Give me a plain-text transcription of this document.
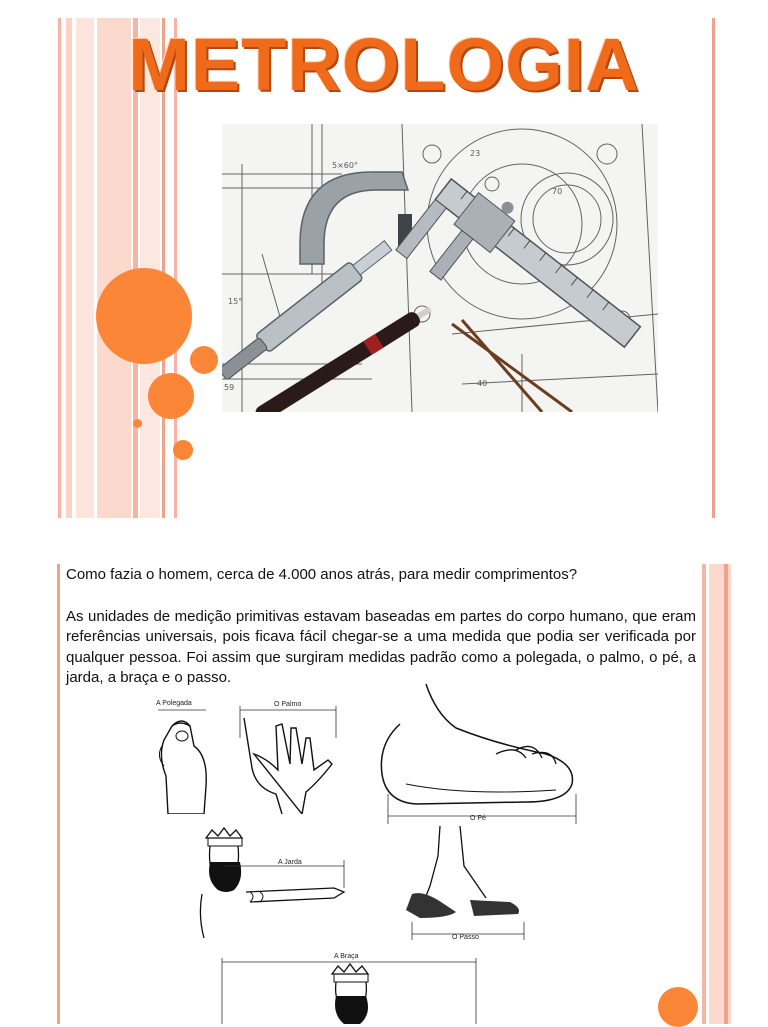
METROLOGIA
5×60°
23
70
15°
40
59

Como fazia o homem, cerca de 4.000 anos atrás, para medir comprimentos?

As unidades de medição primitivas estavam baseadas em partes do corpo humano, que eram referências universais, pois ficava fácil chegar-se a uma medida que podia ser verificada por qualquer pessoa. Foi assim que surgiram medidas padrão como a polegada, o palmo, o pé, a jarda, a braça e o passo.

A Polegada	O Palmo
O Pé
A Jarda
O Passo
A Braça
